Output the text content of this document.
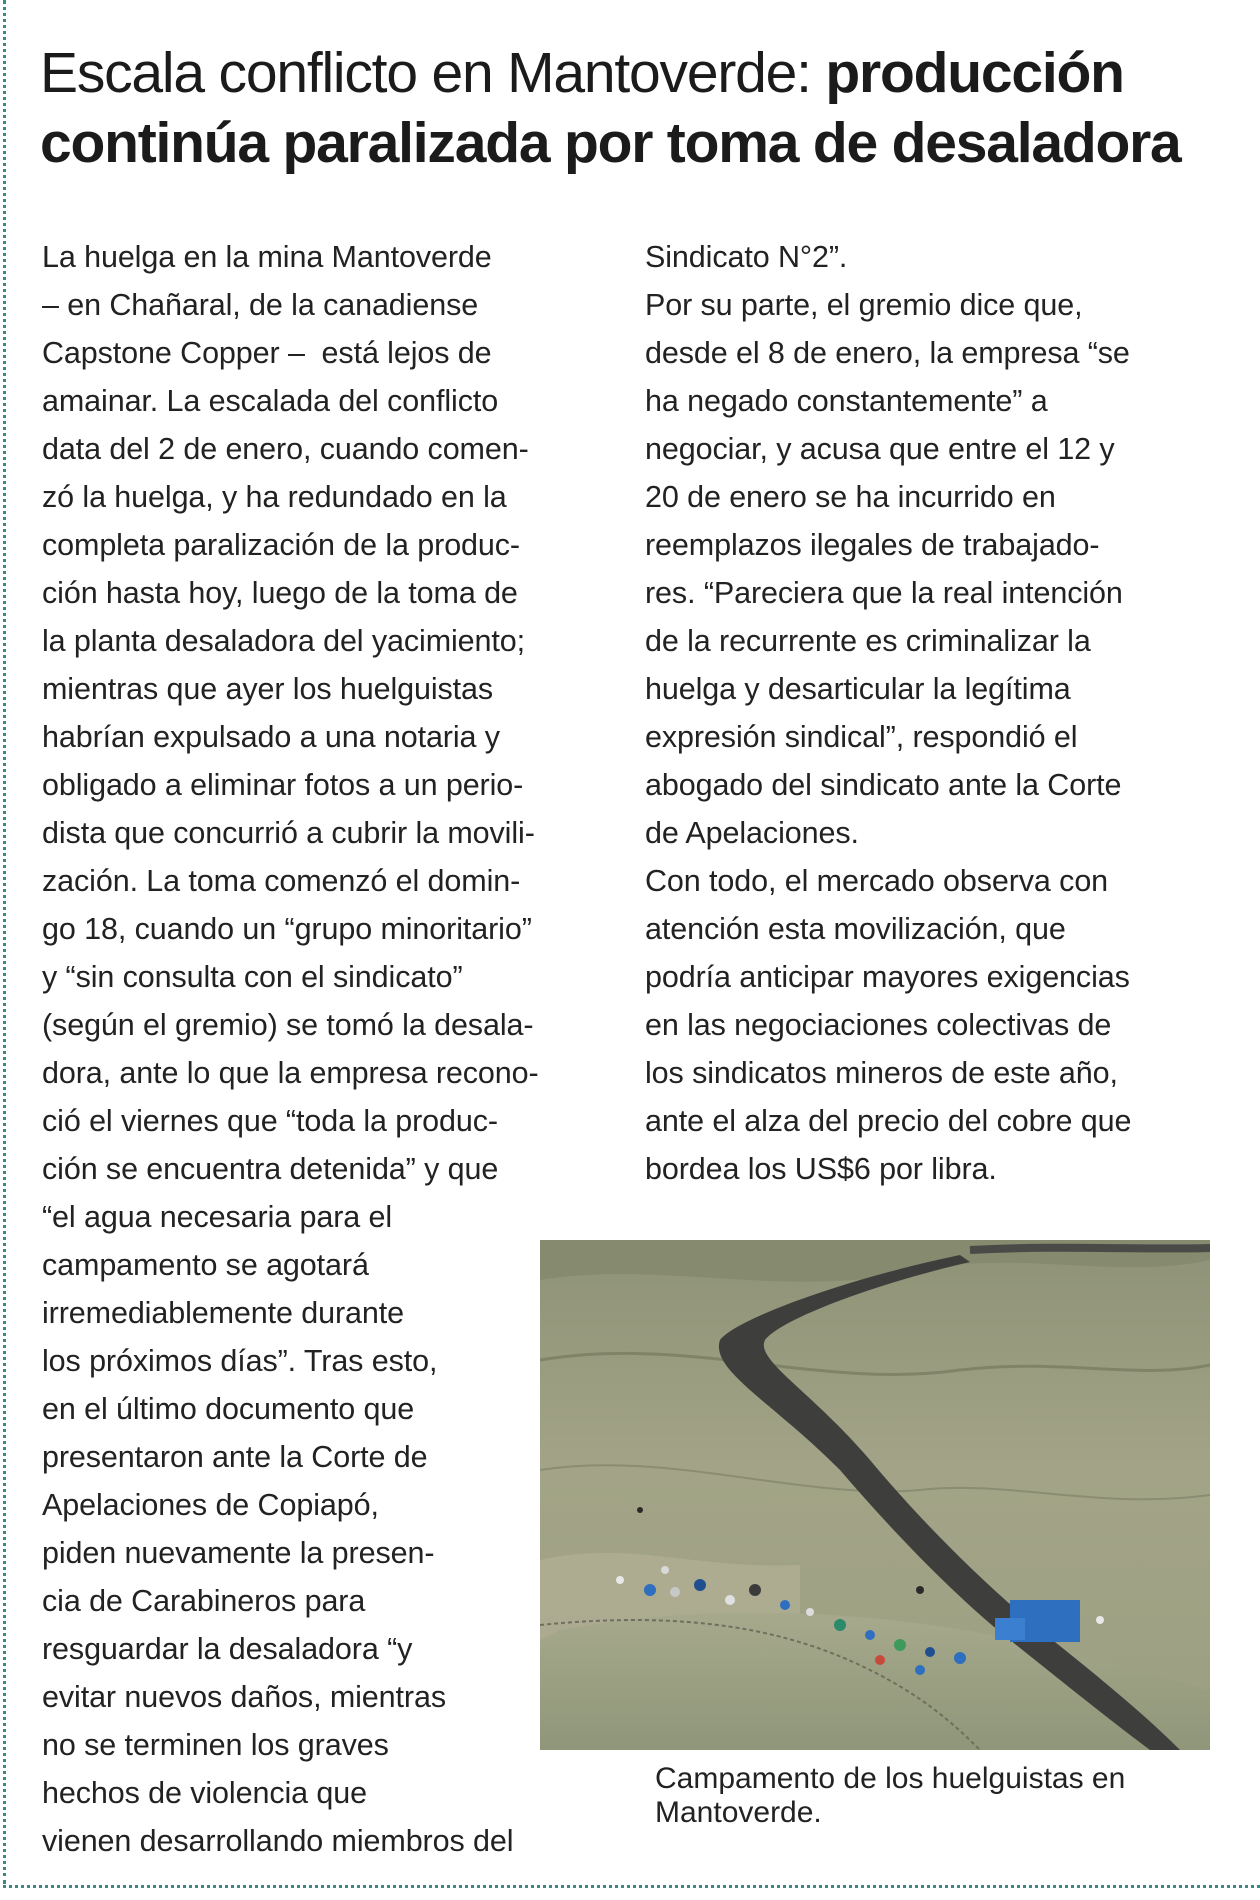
Escala conflicto en Mantoverde: producción continúa paralizada por toma de desaladora
La huelga en la mina Mantoverde
– en Chañaral, de la canadiense
Capstone Copper –  está lejos de
amainar. La escalada del conflicto
data del 2 de enero, cuando comen-
zó la huelga, y ha redundado en la
completa paralización de la produc-
ción hasta hoy, luego de la toma de
la planta desaladora del yacimiento;
mientras que ayer los huelguistas
habrían expulsado a una notaria y
obligado a eliminar fotos a un perio-
dista que concurrió a cubrir la movili-
zación. La toma comenzó el domin-
go 18, cuando un “grupo minoritario”
y “sin consulta con el sindicato”
(según el gremio) se tomó la desala-
dora, ante lo que la empresa recono-
ció el viernes que “toda la produc-
ción se encuentra detenida” y que
“el agua necesaria para el
campamento se agotará
irremediablemente durante
los próximos días”. Tras esto,
en el último documento que
presentaron ante la Corte de
Apelaciones de Copiapó,
piden nuevamente la presen-
cia de Carabineros para
resguardar la desaladora “y
evitar nuevos daños, mientras
no se terminen los graves
hechos de violencia que
vienen desarrollando miembros del
Sindicato N°2”.
Por su parte, el gremio dice que,
desde el 8 de enero, la empresa “se
ha negado constantemente” a
negociar, y acusa que entre el 12 y
20 de enero se ha incurrido en
reemplazos ilegales de trabajado-
res. “Pareciera que la real intención
de la recurrente es criminalizar la
huelga y desarticular la legítima
expresión sindical”, respondió el
abogado del sindicato ante la Corte
de Apelaciones.
Con todo, el mercado observa con
atención esta movilización, que
podría anticipar mayores exigencias
en las negociaciones colectivas de
los sindicatos mineros de este año,
ante el alza del precio del cobre que
bordea los US$6 por libra.

Campamento de los huelguistas en Mantoverde.
